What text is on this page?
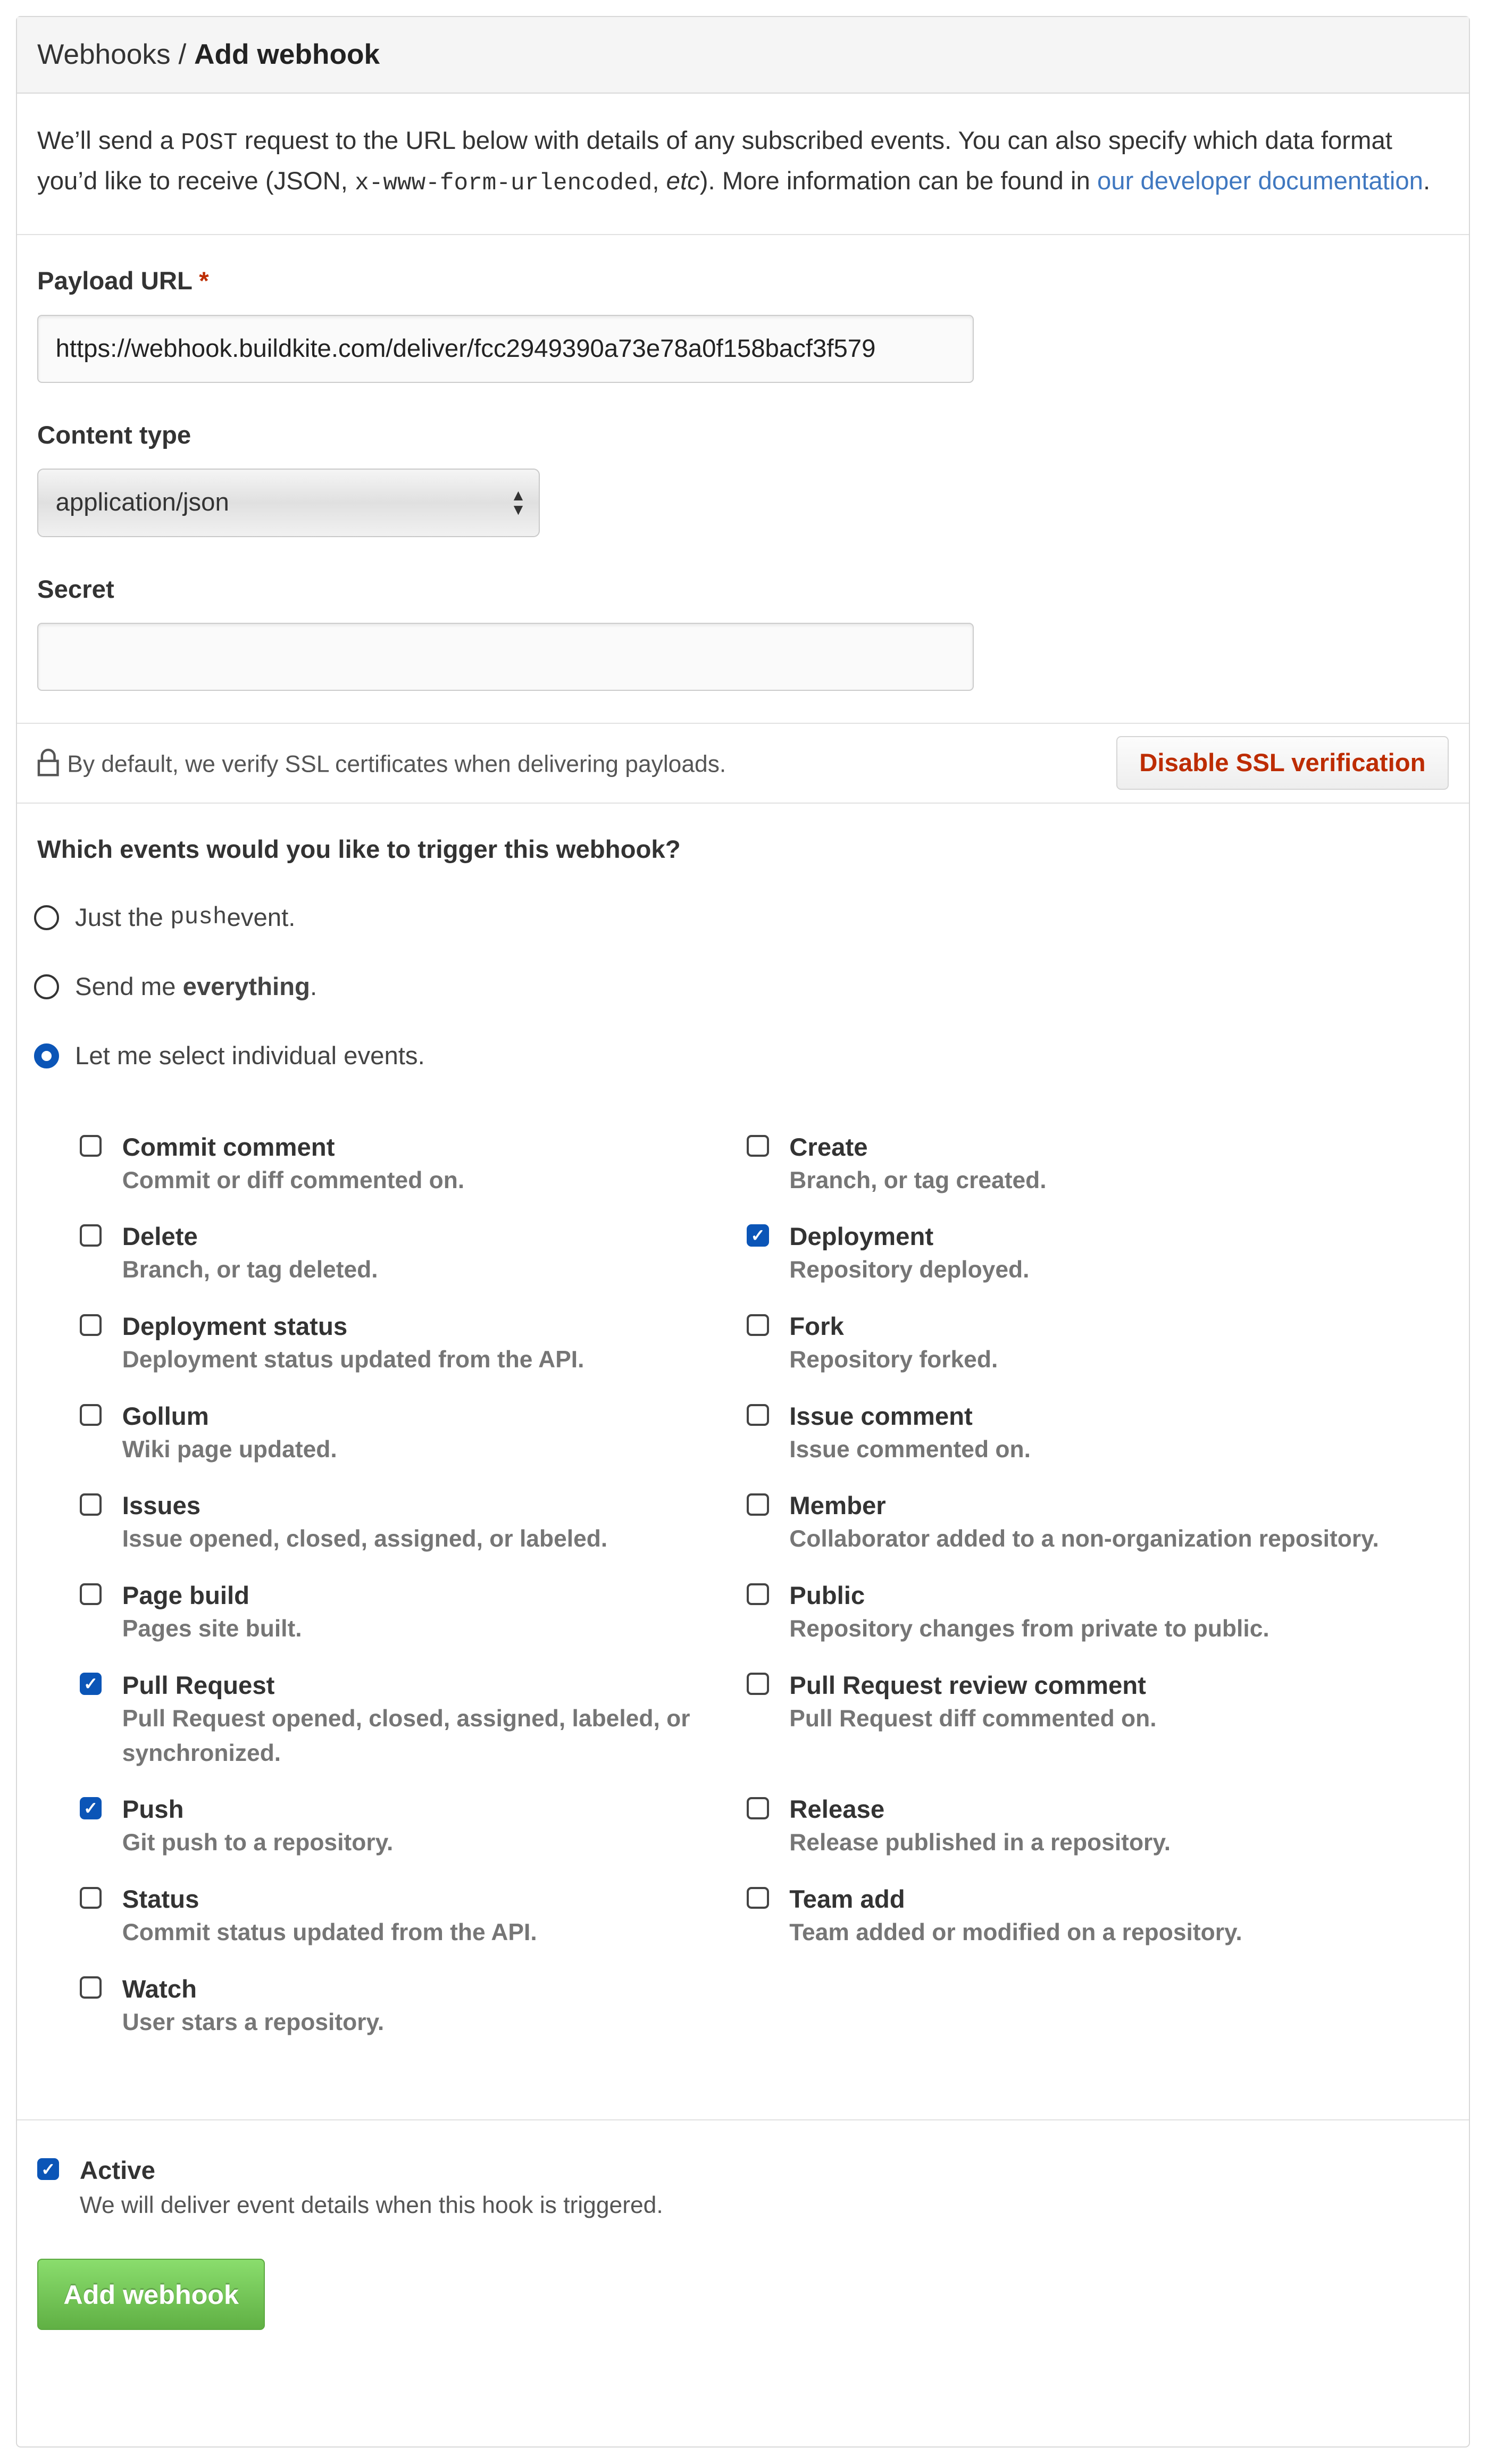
Webhooks / Add webhook
We’ll send a POST request to the URL below with details of any subscribed events. You can also specify which data format you’d like to receive (JSON, x-www-form-urlencoded, etc). More information can be found in our developer documentation.
Payload URL *
https://webhook.buildkite.com/deliver/fcc2949390a73e78a0f158bacf3f579
Content type
application/json	▲
▼
Secret
By default, we verify SSL certificates when delivering payloads.	Disable SSL verification
Which events would you like to trigger this webhook?
Just the
push event.
Send me
everything .
Let me select individual events.
Commit comment
Commit or diff commented on.
Create
Branch, or tag created.
Delete
Branch, or tag deleted.
✓	Deployment
Repository deployed.
Deployment status
Deployment status updated from the API.
Fork
Repository forked.
Gollum
Wiki page updated.
Issue comment
Issue commented on.
Issues
Issue opened, closed, assigned, or labeled.
Member
Collaborator added to a non-organization repository.
Page build
Pages site built.
Public
Repository changes from private to public.
✓	Pull Request
Pull Request opened, closed, assigned, labeled, or synchronized.
Pull Request review comment
Pull Request diff commented on.
✓	Push
Git push to a repository.
Release
Release published in a repository.
Status
Commit status updated from the API.
Team add
Team added or modified on a repository.
Watch
User stars a repository.
✓	Active
We will deliver event details when this hook is triggered.
Add webhook
